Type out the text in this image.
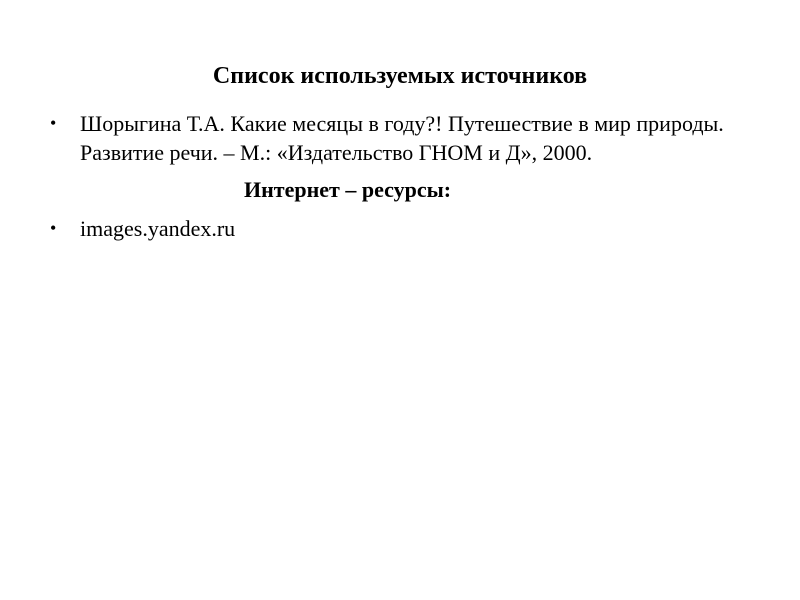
Список используемых источников
•	Шорыгина Т.А. Какие месяцы в году?! Путешествие в мир природы. Развитие речи. – М.: «Издательство ГНОМ и Д», 2000.
Интернет – ресурсы:
•	images.yandex.ru
